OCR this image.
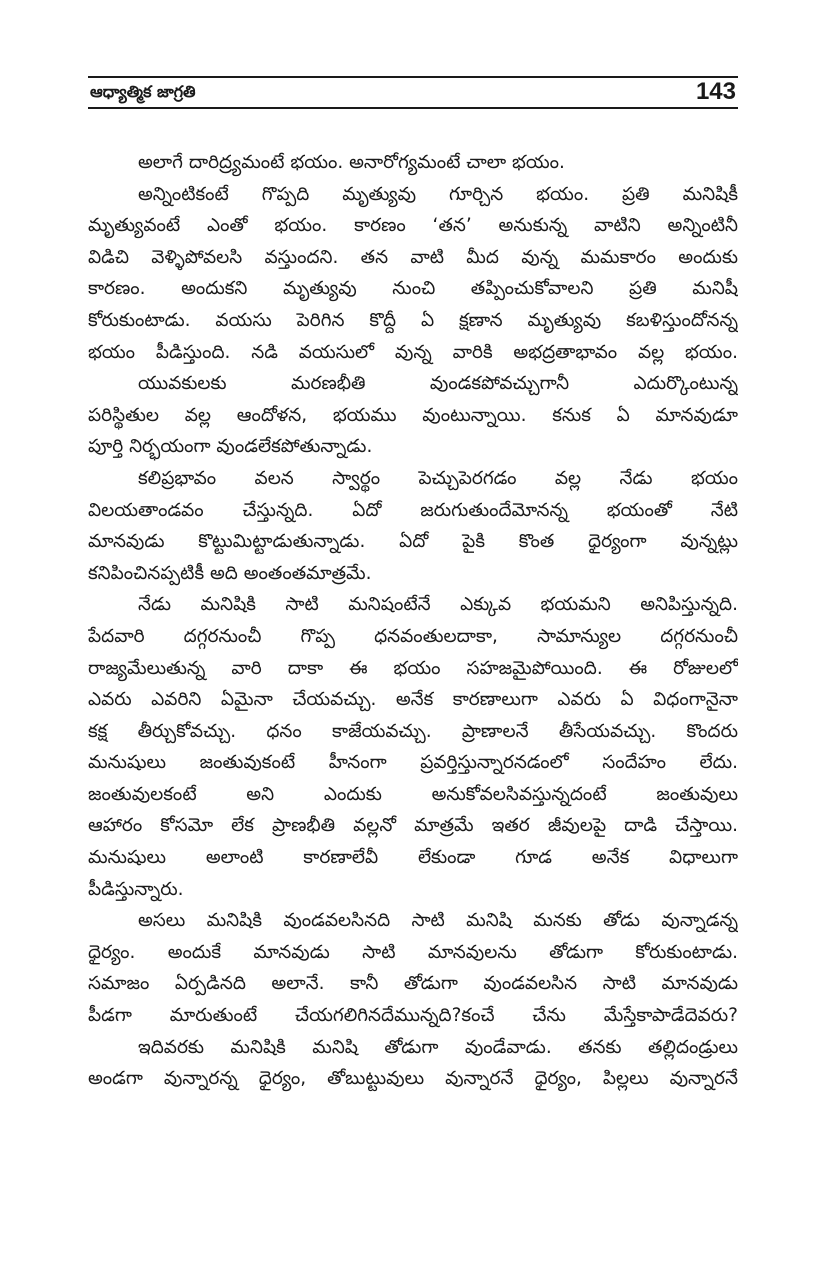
ఆధ్యాత్మిక జాగ్రతి	143
అలాగే దారిద్ర్యమంటే భయం. అనారోగ్యమంటే చాలా భయం.
అన్నింటికంటే గొప్పది మృత్యువు గూర్చిన భయం. ప్రతి మనిషికీ
మృత్యువంటే ఎంతో భయం. కారణం ‘తన’ అనుకున్న వాటిని అన్నింటినీ
విడిచి వెళ్ళిపోవలసి వస్తుందని. తన వాటి మీద వున్న మమకారం అందుకు
కారణం. అందుకని మృత్యువు నుంచి తప్పించుకోవాలని ప్రతి మనిషీ
కోరుకుంటాడు. వయసు పెరిగిన కొద్దీ ఏ క్షణాన మృత్యువు కబళిస్తుందోనన్న
భయం పీడిస్తుంది. నడి వయసులో వున్న వారికి అభద్రతాభావం వల్ల భయం.
యువకులకు మరణభీతి వుండకపోవచ్చుగానీ ఎదుర్కొంటున్న
పరిస్థితుల వల్ల ఆందోళన, భయము వుంటున్నాయి. కనుక ఏ మానవుడూ
పూర్తి నిర్భయంగా వుండలేకపోతున్నాడు.
కలిప్రభావం వలన స్వార్థం పెచ్చుపెరగడం వల్ల నేడు భయం
విలయతాండవం చేస్తున్నది. ఏదో జరుగుతుందేమోనన్న భయంతో నేటి
మానవుడు కొట్టుమిట్టాడుతున్నాడు. ఏదో పైకి కొంత ధైర్యంగా వున్నట్లు
కనిపించినప్పటికీ అది అంతంతమాత్రమే.
నేడు మనిషికి సాటి మనిషంటేనే ఎక్కువ భయమని అనిపిస్తున్నది.
పేదవారి దగ్గరనుంచీ గొప్ప ధనవంతులదాకా, సామాన్యుల దగ్గరనుంచీ
రాజ్యమేలుతున్న వారి దాకా ఈ భయం సహజమైపోయింది. ఈ రోజులలో
ఎవరు ఎవరిని ఏమైనా చేయవచ్చు. అనేక కారణాలుగా ఎవరు ఏ విధంగానైనా
కక్ష తీర్చుకోవచ్చు. ధనం కాజేయవచ్చు. ప్రాణాలనే తీసేయవచ్చు. కొందరు
మనుషులు జంతువుకంటే హీనంగా ప్రవర్తిస్తున్నారనడంలో సందేహం లేదు.
జంతువులకంటే అని ఎందుకు అనుకోవలసివస్తున్నదంటే జంతువులు
ఆహారం కోసమో లేక ప్రాణభీతి వల్లనో మాత్రమే ఇతర జీవులపై దాడి చేస్తాయి.
మనుషులు అలాంటి కారణాలేవీ లేకుండా గూడ అనేక విధాలుగా
పీడిస్తున్నారు.
అసలు మనిషికి వుండవలసినది సాటి మనిషి మనకు తోడు వున్నాడన్న
ధైర్యం. అందుకే మానవుడు సాటి మానవులను తోడుగా కోరుకుంటాడు.
సమాజం ఏర్పడినది అలానే. కానీ తోడుగా వుండవలసిన సాటి మానవుడు
పీడగా మారుతుంటే చేయగలిగినదేమున్నది?కంచే చేను మేస్తేకాపాడేదెవరు?
ఇదివరకు మనిషికి మనిషి తోడుగా వుండేవాడు. తనకు తల్లిదండ్రులు
అండగా వున్నారన్న ధైర్యం, తోబుట్టువులు వున్నారనే ధైర్యం, పిల్లలు వున్నారనే
